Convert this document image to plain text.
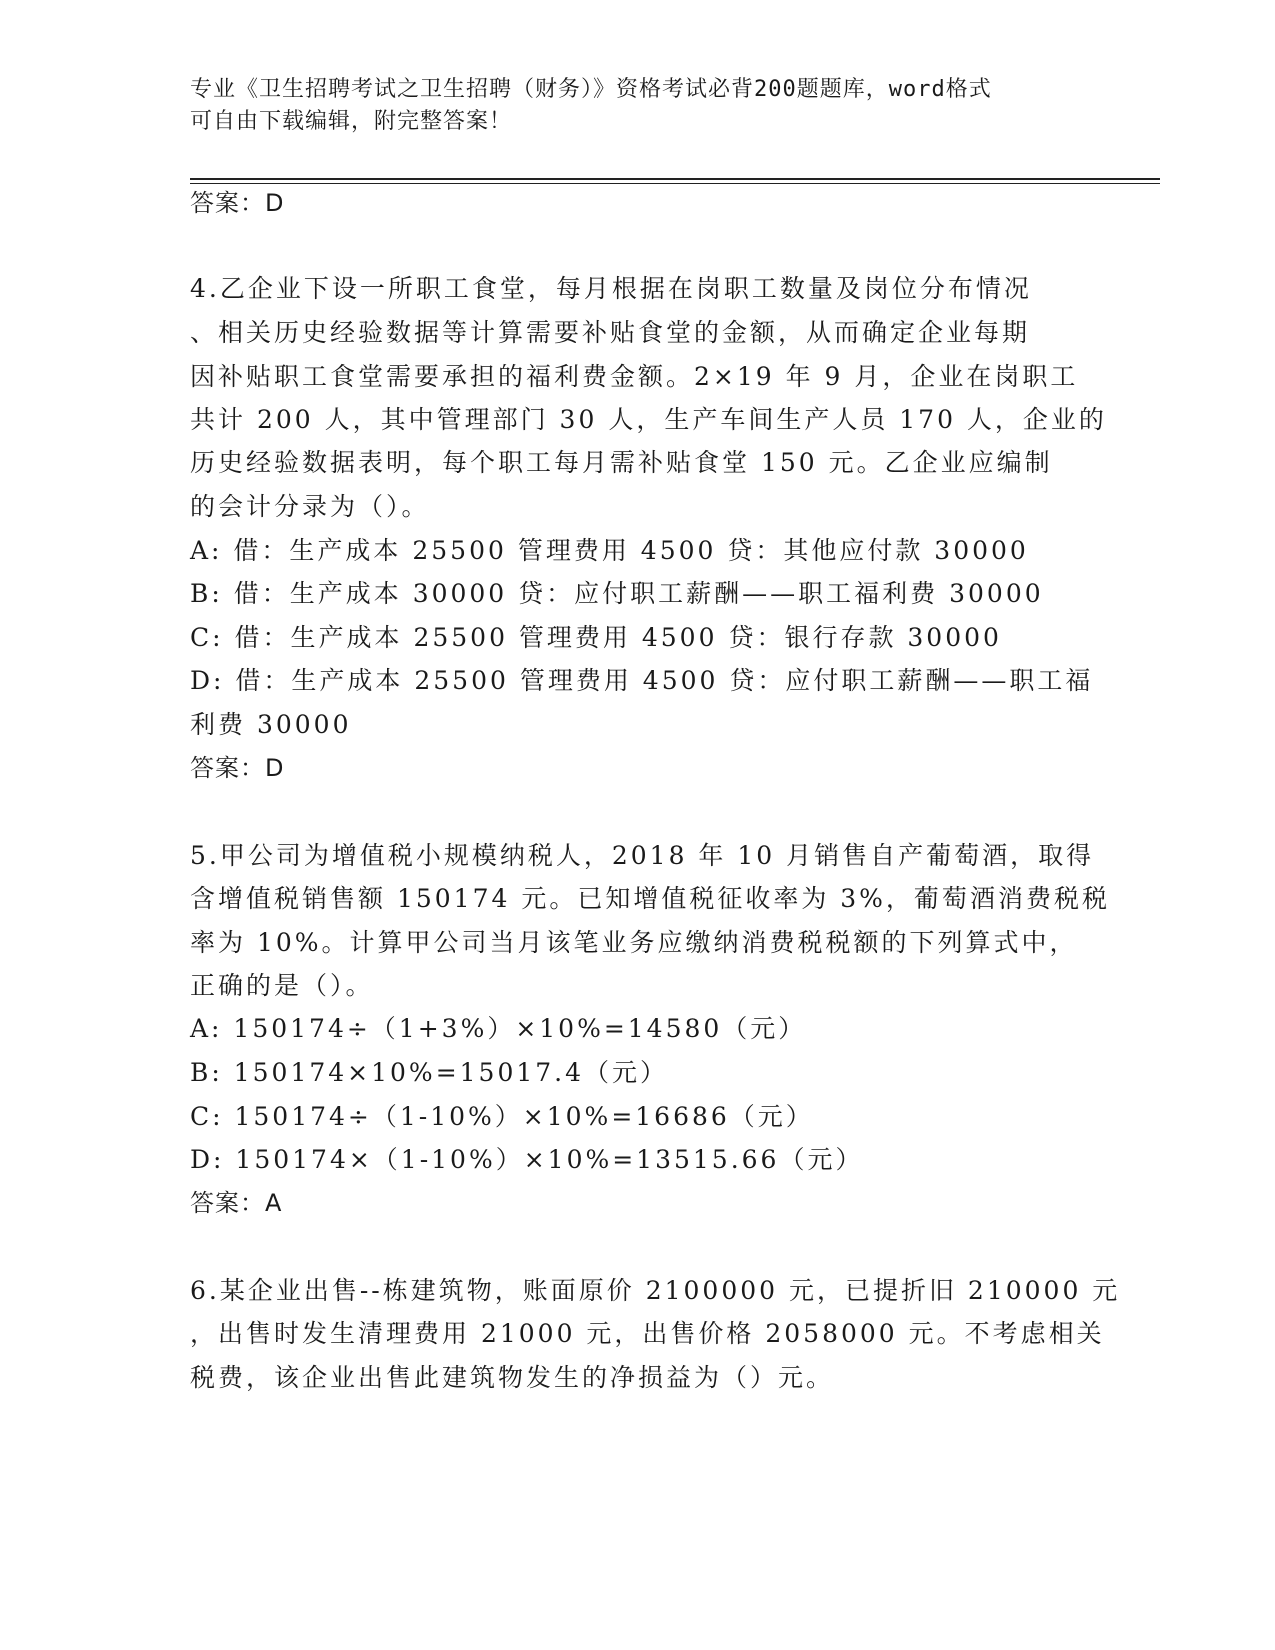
专业《卫生招聘考试之卫生招聘（财务）》资格考试必背200题题库，word格式
可自由下载编辑，附完整答案！
答案：D
4.乙企业下设一所职工食堂，每月根据在岗职工数量及岗位分布情况
、相关历史经验数据等计算需要补贴食堂的金额，从而确定企业每期
因补贴职工食堂需要承担的福利费金额。2×19 年 9 月，企业在岗职工
共计 200 人，其中管理部门 30 人，生产车间生产人员 170 人，企业的
历史经验数据表明，每个职工每月需补贴食堂 150 元。乙企业应编制
的会计分录为（）。
A: 借：生产成本 25500 管理费用 4500 贷：其他应付款 30000
B: 借：生产成本 30000 贷：应付职工薪酬——职工福利费 30000
C: 借：生产成本 25500 管理费用 4500 贷：银行存款 30000
D: 借：生产成本 25500 管理费用 4500 贷：应付职工薪酬——职工福
利费 30000
答案：D
5.甲公司为增值税小规模纳税人，2018 年 10 月销售自产葡萄酒，取得
含增值税销售额 150174 元。已知增值税征收率为 3%，葡萄酒消费税税
率为 10%。计算甲公司当月该笔业务应缴纳消费税税额的下列算式中，
正确的是（）。
A: 150174÷（1+3%）×10%=14580（元）
B: 150174×10%=15017.4（元）
C: 150174÷（1-10%）×10%=16686（元）
D: 150174×（1-10%）×10%=13515.66（元）
答案：A
6.某企业出售--栋建筑物，账面原价 2100000 元，已提折旧 210000 元
，出售时发生清理费用 21000 元，出售价格 2058000 元。不考虑相关
税费，该企业出售此建筑物发生的净损益为（）元。
